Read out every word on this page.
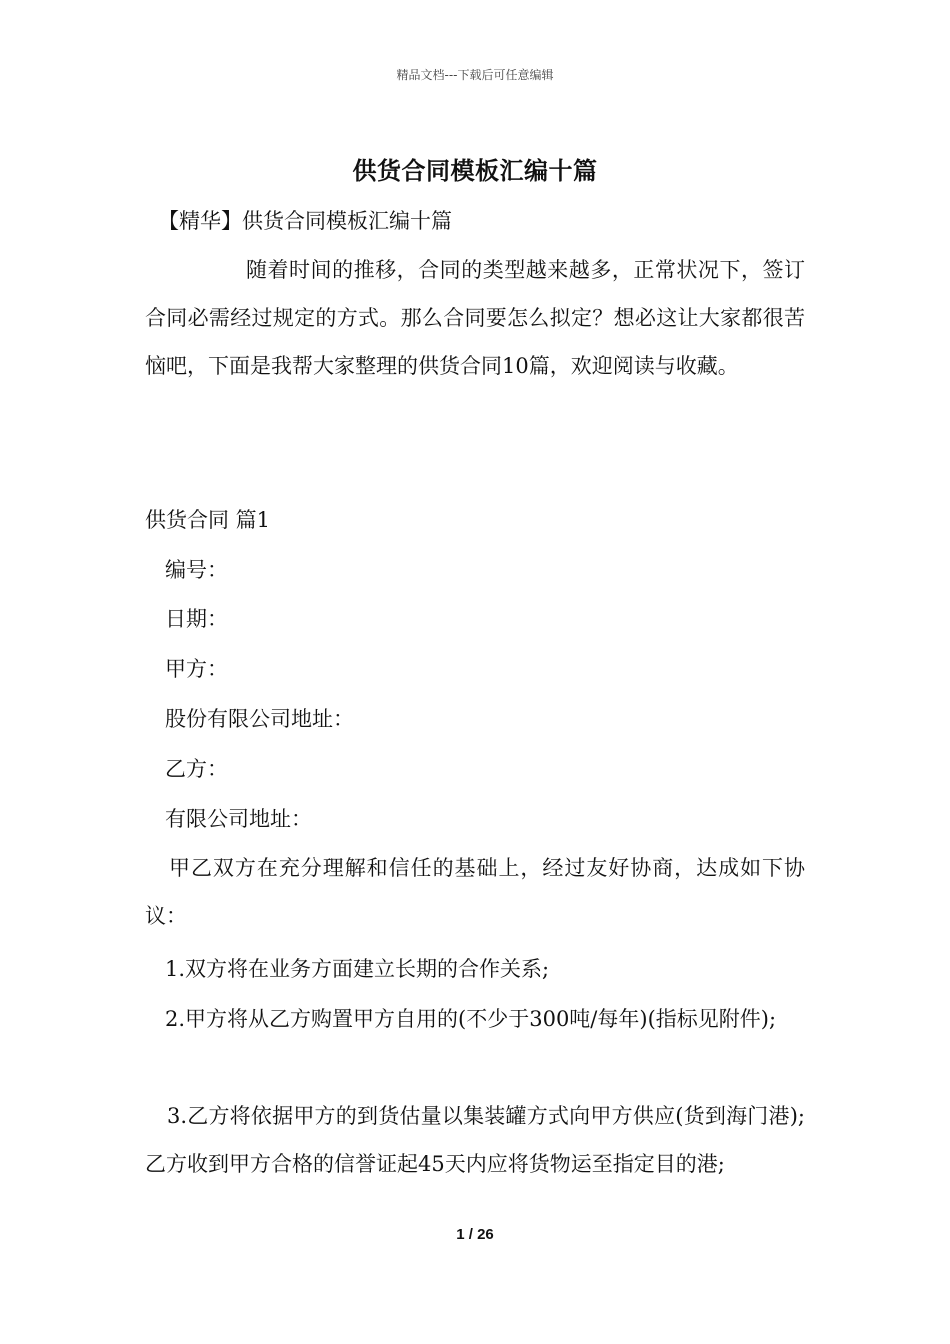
精品文档---下载后可任意编辑
供货合同模板汇编十篇
【精华】供货合同模板汇编十篇
随着时间的推移，合同的类型越来越多，正常状况下，签订合同必需经过规定的方式。那么合同要怎么拟定？想必这让大家都很苦恼吧，下面是我帮大家整理的供货合同10篇，欢迎阅读与收藏。
供货合同 篇1
编号：
日期：
甲方：
股份有限公司地址：
乙方：
有限公司地址：
甲乙双方在充分理解和信任的基础上，经过友好协商，达成如下协议：
1.双方将在业务方面建立长期的合作关系;
2.甲方将从乙方购置甲方自用的(不少于300吨/每年)(指标见附件);
3.乙方将依据甲方的到货估量以集装罐方式向甲方供应(货到海门港);乙方收到甲方合格的信誉证起45天内应将货物运至指定目的港;
1 / 26
